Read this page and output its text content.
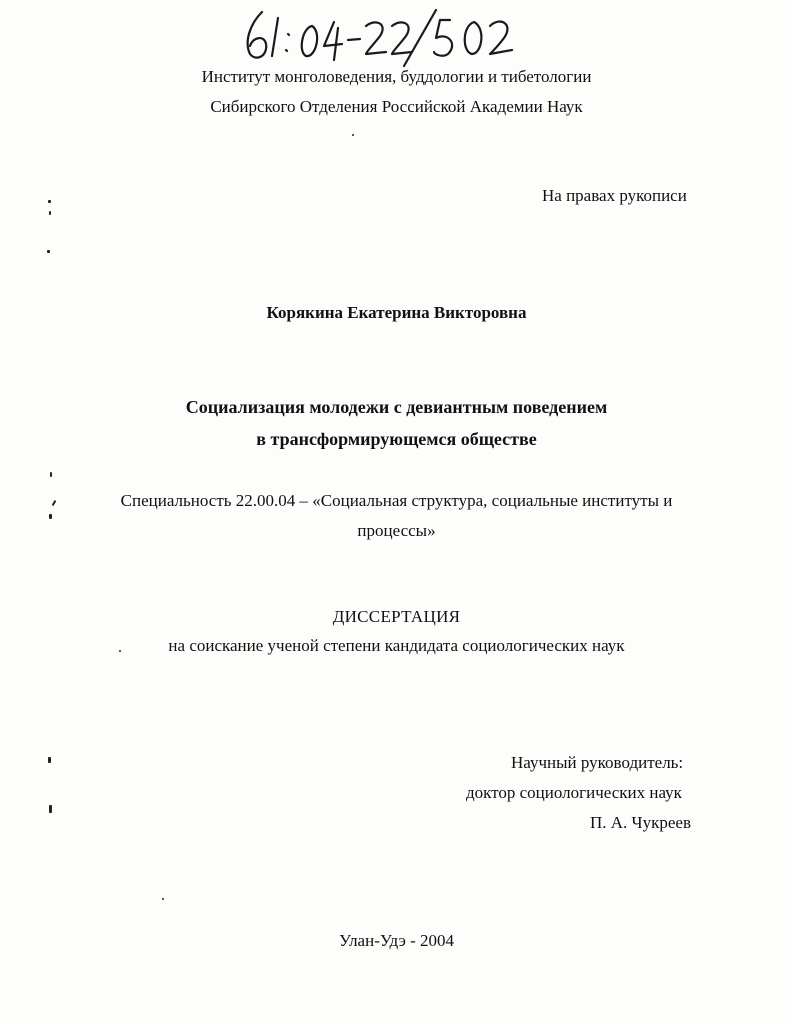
Институт монголоведения, буддологии и тибетологии
Сибирского Отделения Российской Академии Наук
На правах рукописи
Корякина Екатерина Викторовна
Социализация молодежи с девиантным поведением
в трансформирующемся обществе
Специальность 22.00.04 – «Социальная структура, социальные институты и
процессы»
ДИССЕРТАЦИЯ
на соискание ученой степени кандидата социологических наук
Научный руководитель:
доктор социологических наук
П. А. Чукреев
Улан-Удэ - 2004
